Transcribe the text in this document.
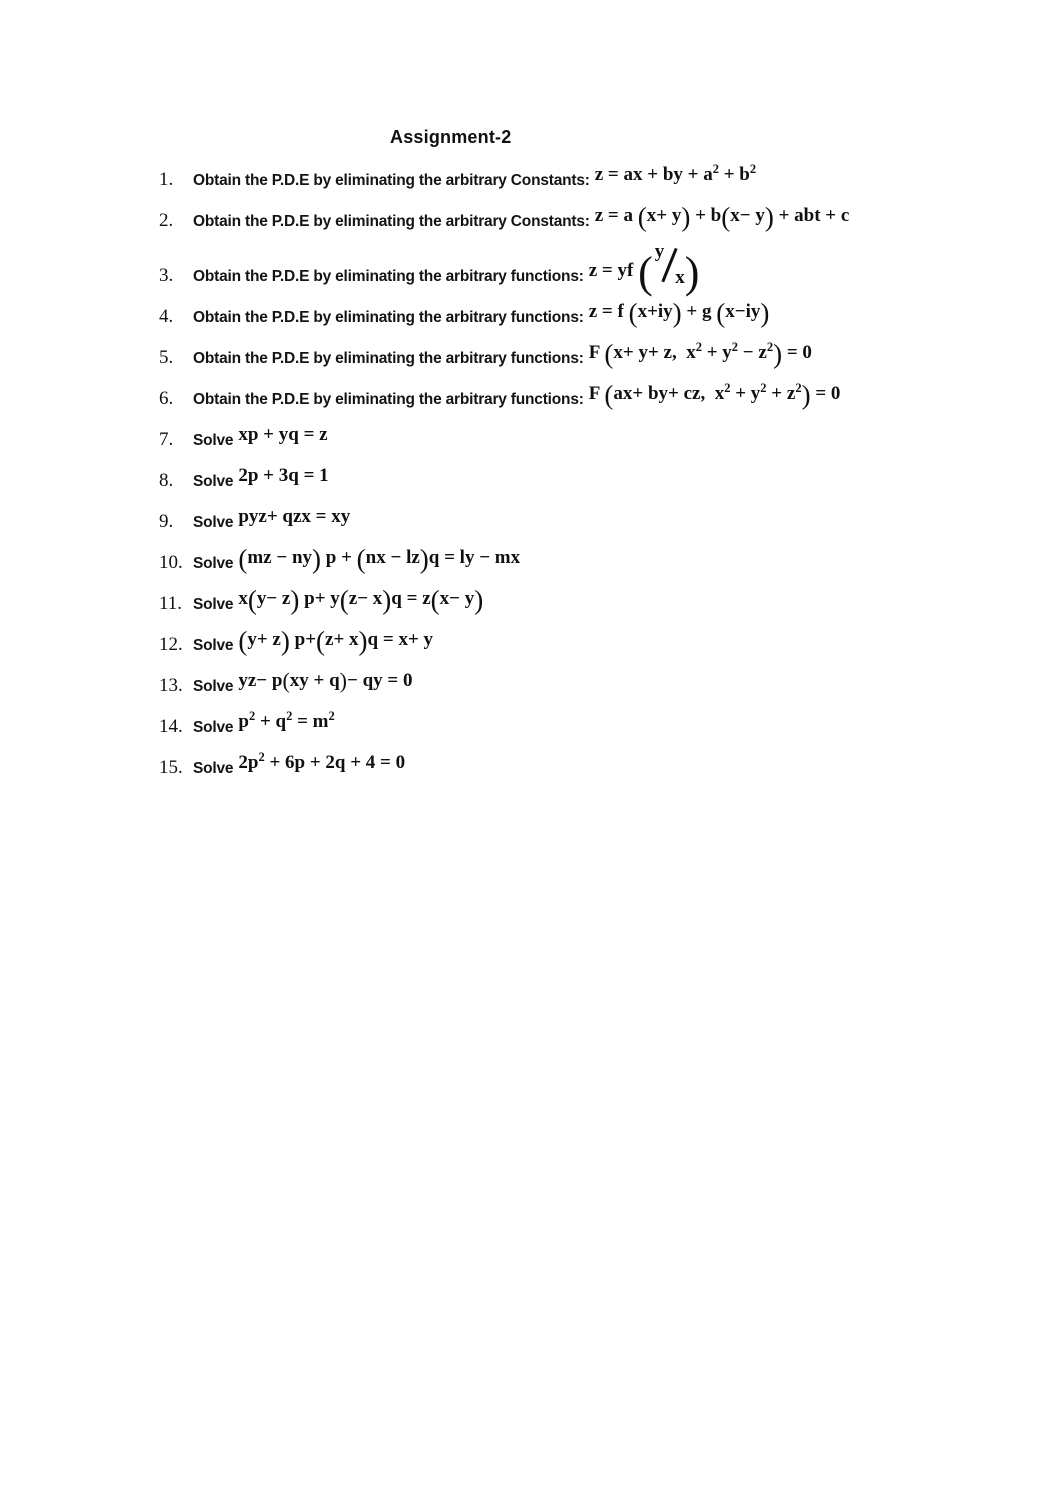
Assignment-2
1. Obtain the P.D.E by eliminating the arbitrary Constants: z = ax + by + $a^2 + b^2$
2. Obtain the P.D.E by eliminating the arbitrary Constants: z = a (x+ y) + b(x− y) + abt + c
3. Obtain the P.D.E by eliminating the arbitrary functions: z = yf ( y
x )
4. Obtain the P.D.E by eliminating the arbitrary functions: z = f (x+iy) + g (x−iy)
5. Obtain the P.D.E by eliminating the arbitrary functions: F (x+ y+ z,  $x^2 + y^2 - z^2) = 0$
6. Obtain the P.D.E by eliminating the arbitrary functions: F (ax+ by+ cz,  $x^2 + y^2 + z^2) = 0$
7. Solve xp + yq = z
8. Solve 2p + 3q = 1
9. Solve pyz+ qzx = xy
10. Solve (mz − ny) p + (nx − lz)q = ly − mx
11. Solve x(y− z) p+ y(z− x)q = z(x− y)
12. Solve (y+ z) p+(z+ x)q = x+ y
13. Solve yz− p(xy + q)− qy = 0
14. Solve $p^2 + q^2 = m^2$
15. Solve $2p^2 + 6p + 2q + 4 = 0$
